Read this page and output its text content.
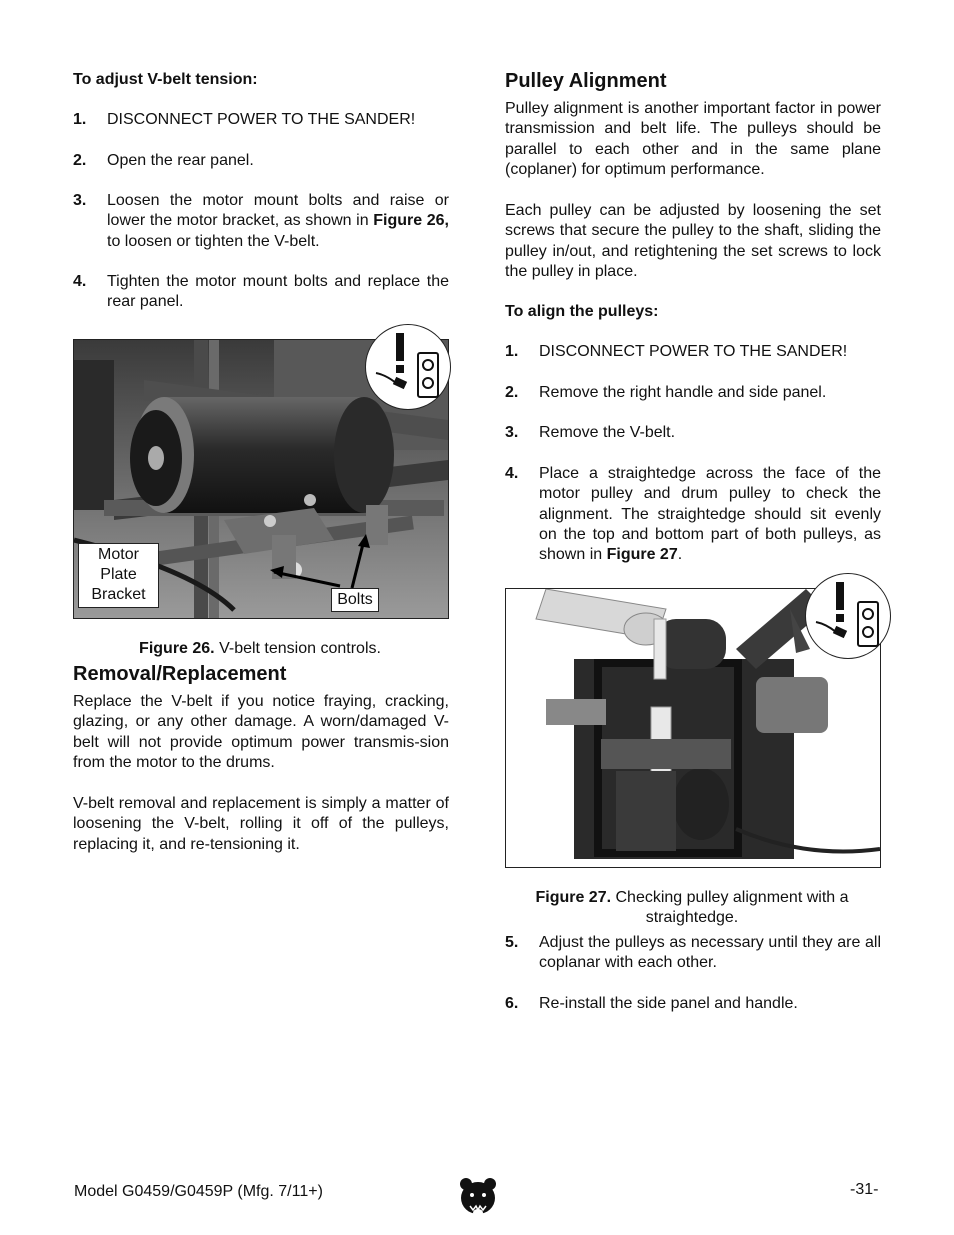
To adjust V-belt tension:

1. DISCONNECT POWER TO THE SANDER!
2. Open the rear panel.
3. Loosen the motor mount bolts and raise or lower the motor bracket, as shown in Figure 26, to loosen or tighten the V-belt.
4. Tighten the motor mount bolts and replace the rear panel.
Motor
Plate
Bracket	Bolts

Figure 26. V-belt tension controls.

Removal/Replacement

Replace the V-belt if you notice fraying, cracking, glazing, or any other damage. A worn/damaged V-belt will not provide optimum power transmis-sion from the motor to the drums.

V-belt removal and replacement is simply a matter of loosening the V-belt, rolling it off of the pulleys, replacing it, and re-tensioning it.

Pulley Alignment

Pulley alignment is another important factor in power transmission and belt life. The pulleys should be parallel to each other and in the same plane (coplaner) for optimum performance.

Each pulley can be adjusted by loosening the set screws that secure the pulley to the shaft, sliding the pulley in/out, and retightening the set screws to lock the pulley in place.

To align the pulleys:

1. DISCONNECT POWER TO THE SANDER!
2. Remove the right handle and side panel.
3. Remove the V-belt.
4. Place a straightedge across the face of the motor pulley and drum pulley to check the alignment. The straightedge should sit evenly on the top and bottom part of both pulleys, as shown in Figure 27.

Figure 27. Checking pulley alignment with a straightedge.

5. Adjust the pulleys as necessary until they are all coplanar with each other.
6. Re-install the side panel and handle.

Model G0459/G0459P (Mfg. 7/11+)	-31-
